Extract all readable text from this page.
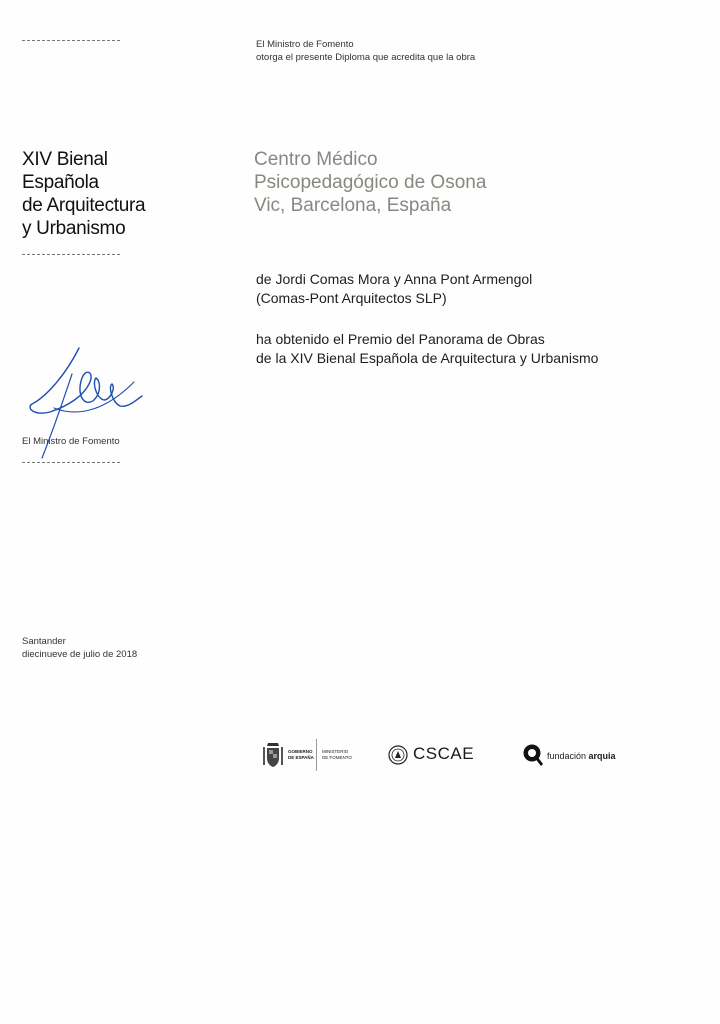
El Ministro de Fomento
otorga el presente Diploma que acredita que la obra
XIV Bienal
Española
de Arquitectura
y Urbanismo
Centro Médico
Psicopedagógico de Osona
Vic, Barcelona, España
de Jordi Comas Mora y Anna Pont Armengol
(Comas-Pont Arquitectos SLP)
ha obtenido el Premio del Panorama de Obras
de la XIV Bienal Española de Arquitectura y Urbanismo
El Ministro de Fomento
Santander
diecinueve de julio de 2018
GOBIERNO
DE ESPAÑA
MINISTERIO
DE FOMENTO	CSCAE	fundación arquia
